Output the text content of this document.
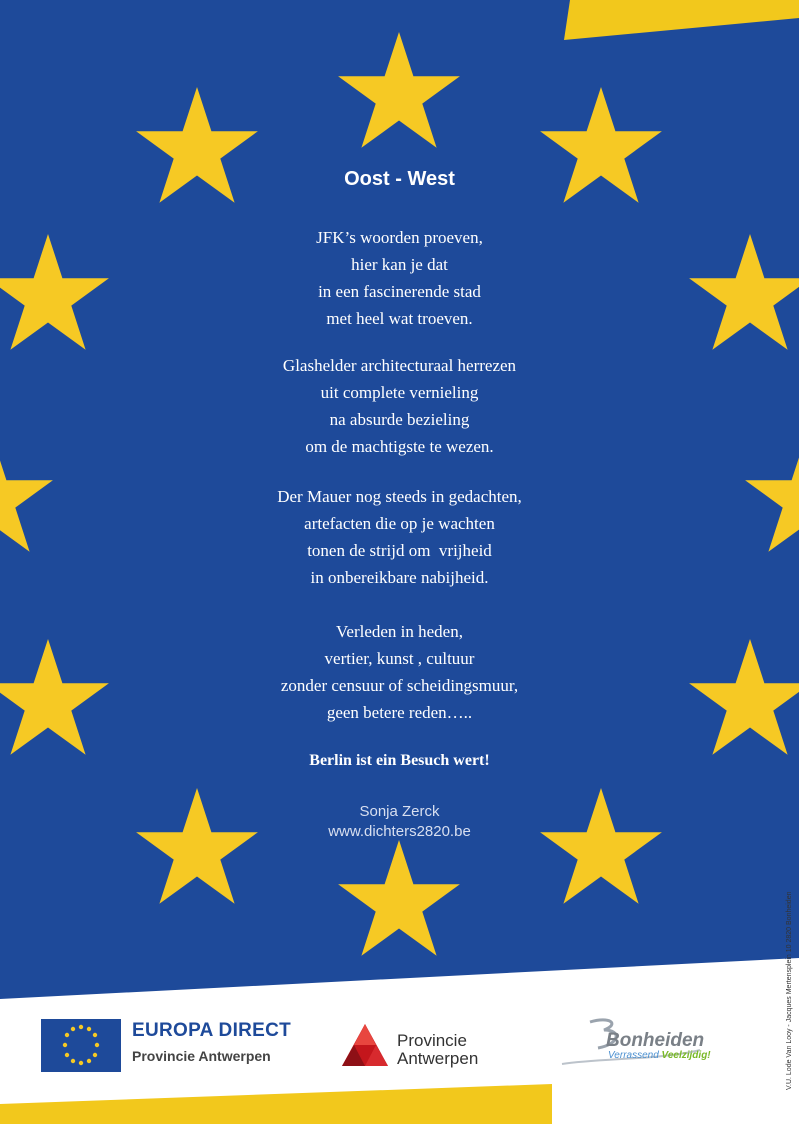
Oost - West
JFK’s woorden proeven,
hier kan je dat
in een fascinerende stad
met heel wat troeven.
Glashelder architecturaal herrezen
uit complete vernieling
na absurde bezieling
om de machtigste te wezen.
Der Mauer nog steeds in gedachten,
artefacten die op je wachten
tonen de strijd om  vrijheid
in onbereikbare nabijheid.
Verleden in heden,
vertier, kunst , cultuur
zonder censuur of scheidingsmuur,
geen betere reden…..
Berlin ist ein Besuch wert!
Sonja Zerck
www.dichters2820.be
EUROPA DIRECT
Provincie Antwerpen
Provincie
Antwerpen
Bonheiden
Verrassend Veelzijdig!	V.U. Lode Van Looy - Jacques Mertensplein 10 2820 Bonheiden
